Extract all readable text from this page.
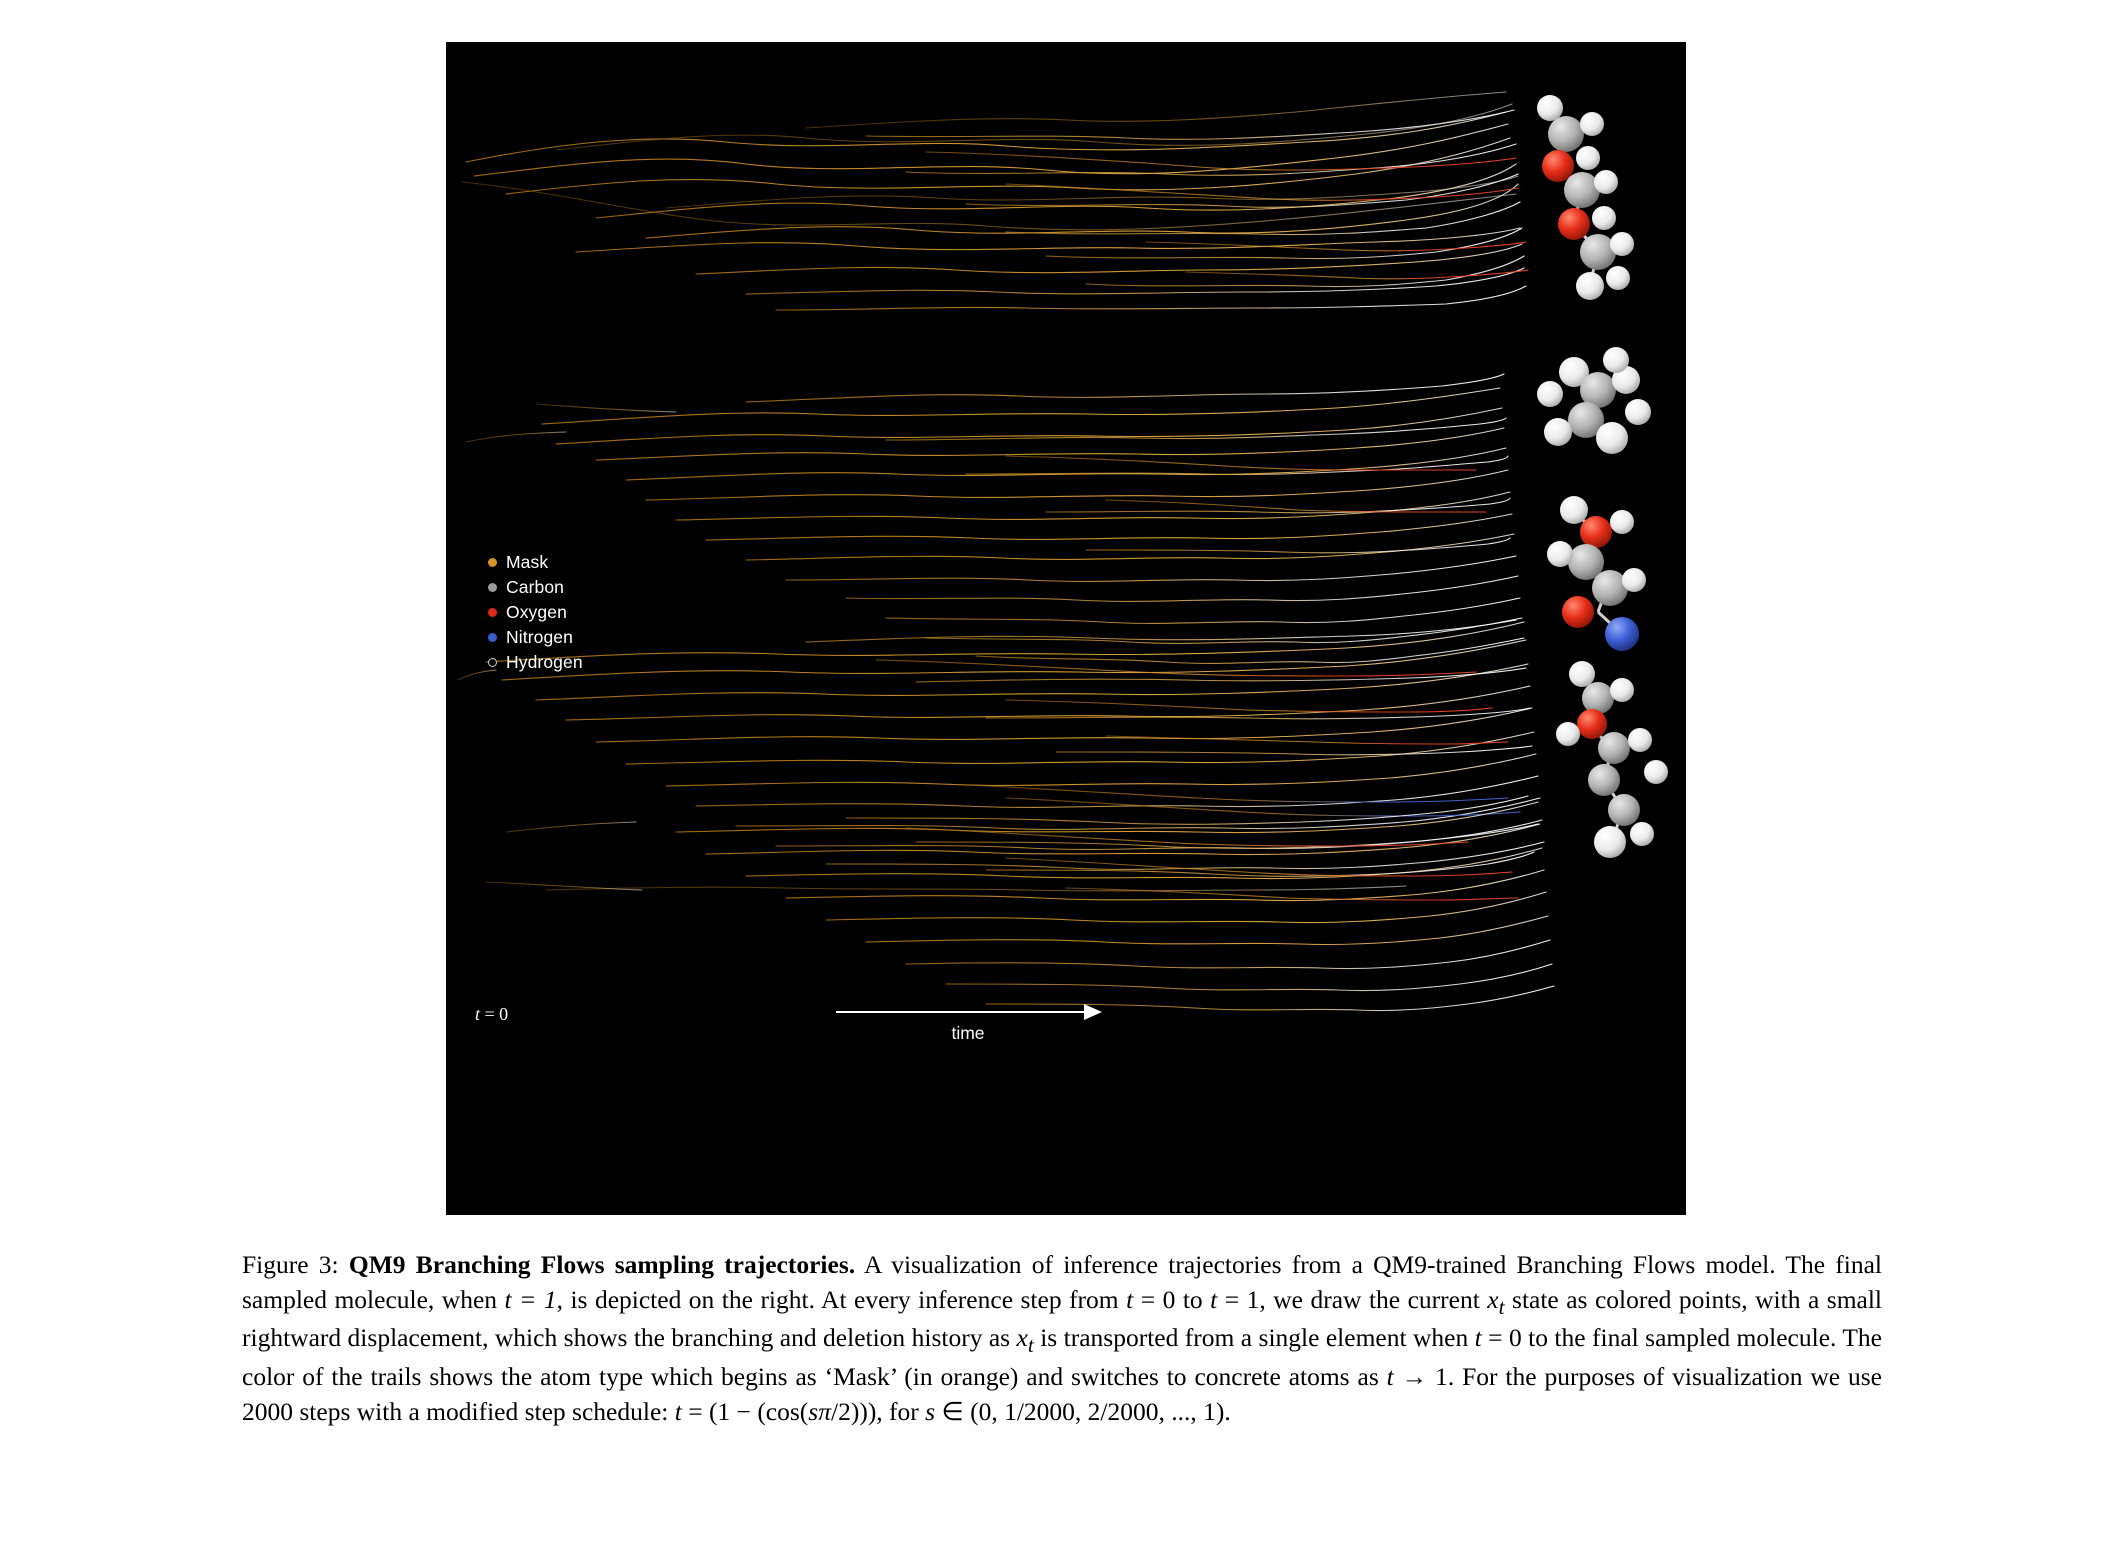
Mask
Carbon
Oxygen
Nitrogen
Hydrogen
t = 0
time
t = 1
Figure 3: QM9 Branching Flows sampling trajectories. A visualization of inference trajectories from a QM9-trained Branching Flows model. The final sampled molecule, when t = 1, is depicted on the right. At every inference step from t = 0 to t = 1, we draw the current $x_t$ state as colored points, with a small rightward displacement, which shows the branching and deletion history as $x_t$ is transported from a single element when t = 0 to the final sampled molecule. The color of the trails shows the atom type which begins as ‘Mask’ (in orange) and switches to concrete atoms as t → 1. For the purposes of visualization we use 2000 steps with a modified step schedule: t = (1 − (cos(sπ/2))), for s ∈ (0, 1/2000, 2/2000, ..., 1).
